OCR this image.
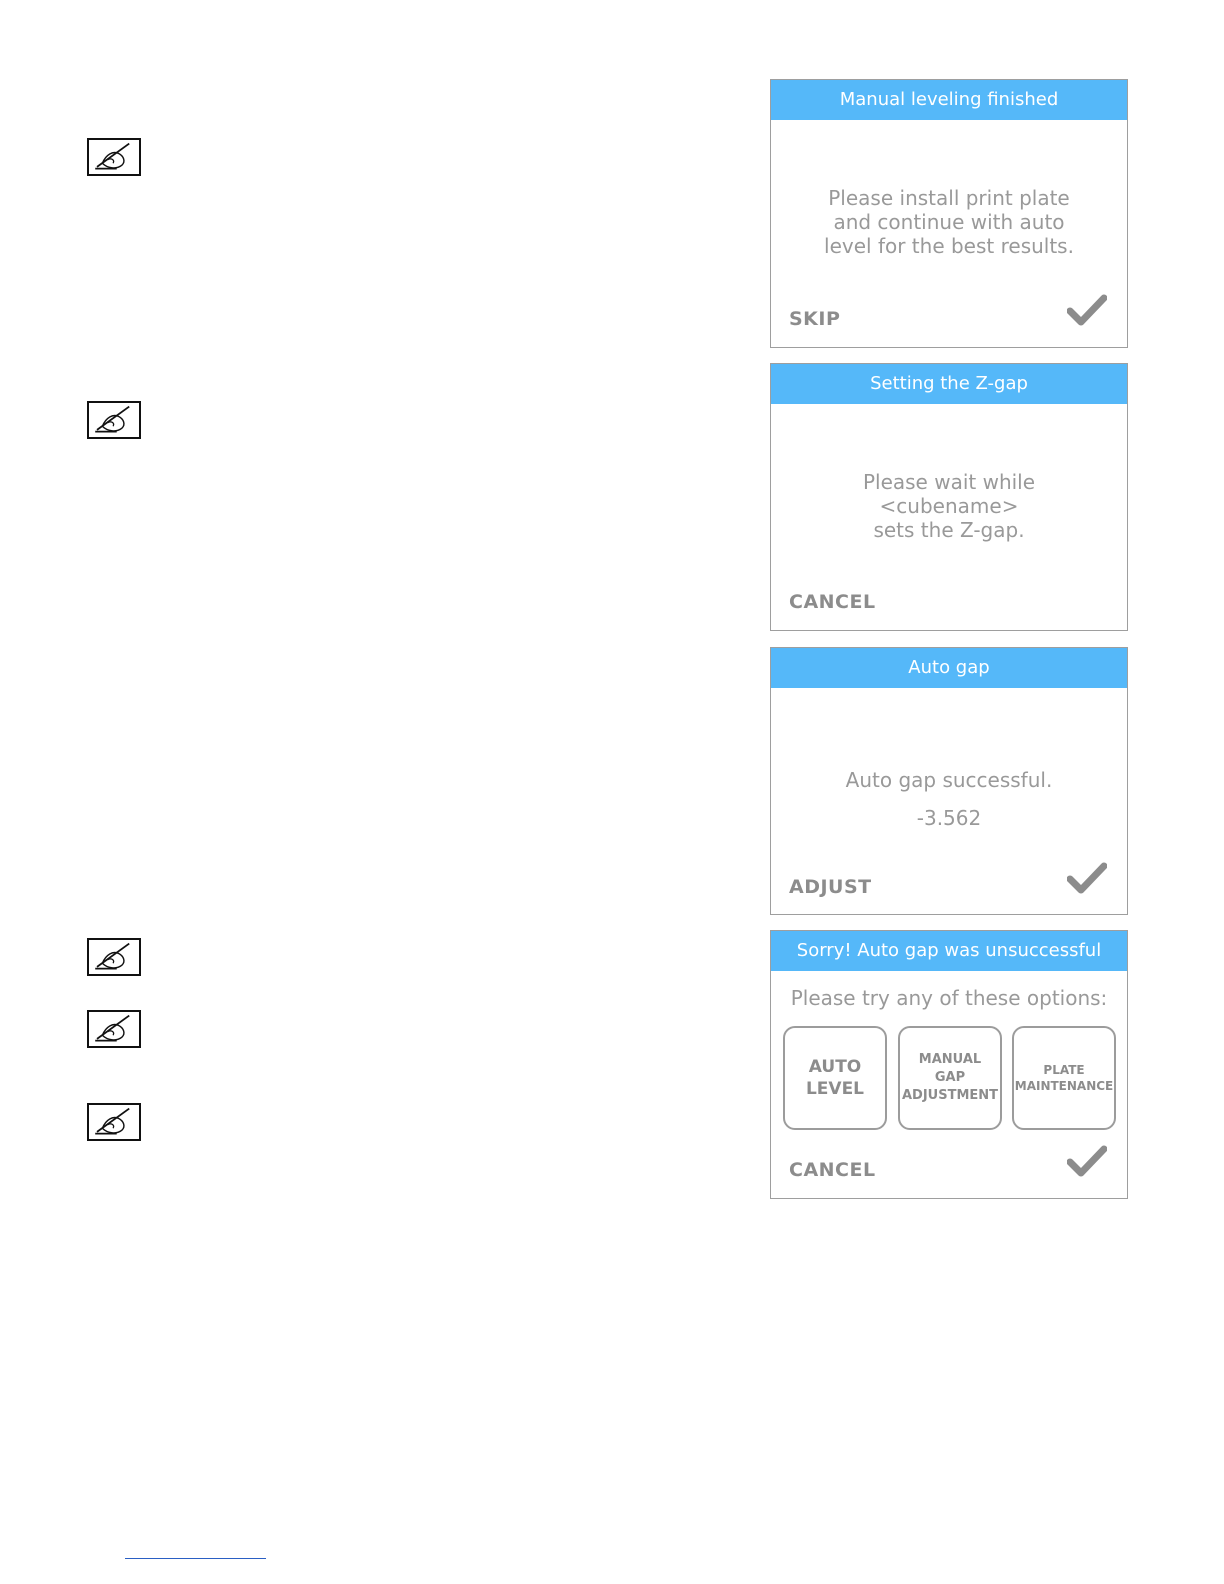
Manual leveling finished
Please install print plate and continue with auto level for the best results.
SKIP
Setting the Z-gap
Please wait while <cubename> sets the Z-gap.
CANCEL
Auto gap
Auto gap successful.
-3.562
ADJUST
Sorry! Auto gap was unsuccessful
Please try any of these options:
AUTO
LEVEL
MANUAL
GAP
ADJUSTMENT
PLATE
MAINTENANCE
CANCEL
